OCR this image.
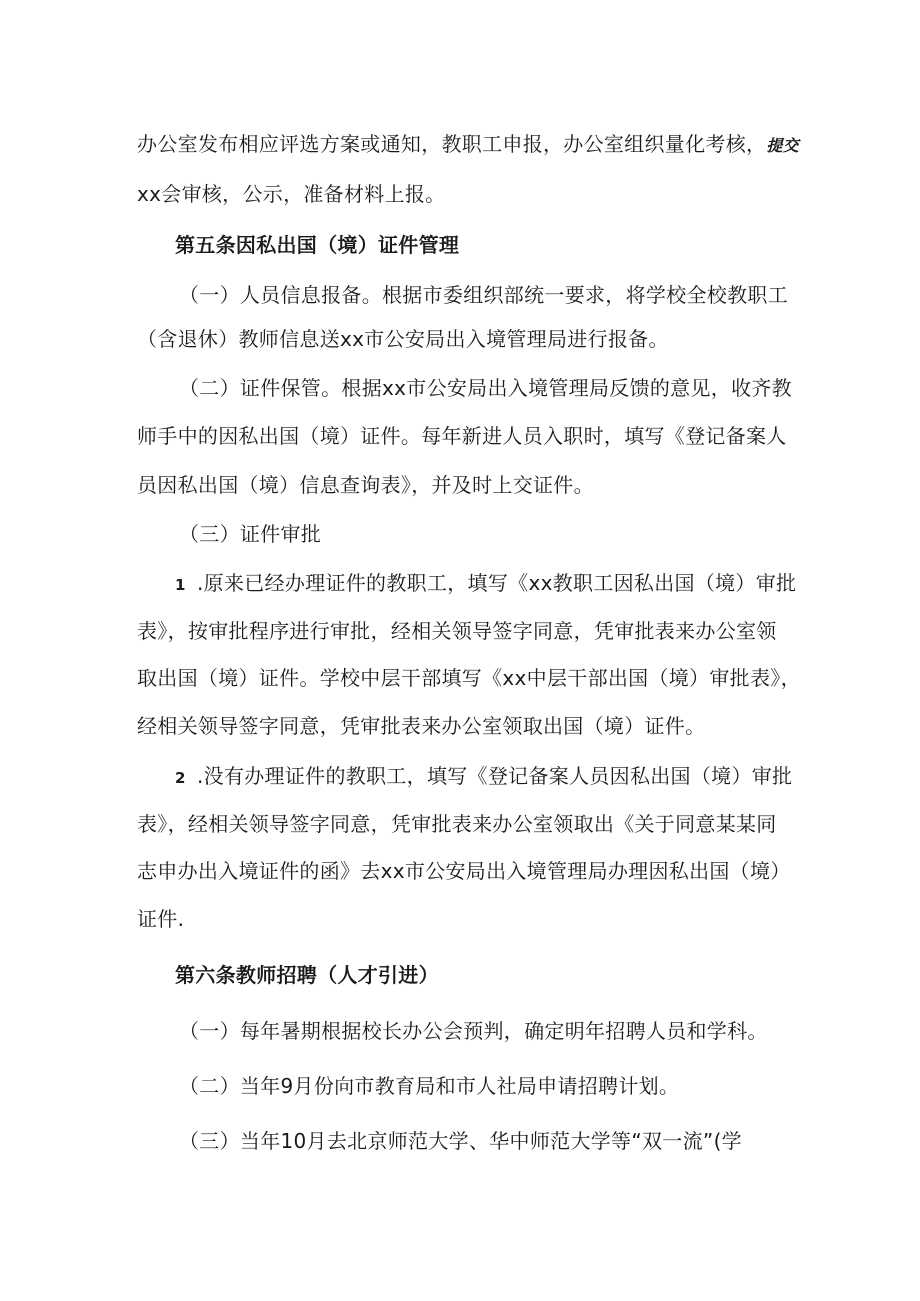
办公室发布相应评选方案或通知，教职工申报，办公室组织量化考核，提交
xx会审核，公示，准备材料上报。
第五条因私出国（境）证件管理
（一）人员信息报备。根据市委组织部统一要求，将学校全校教职工
（含退休）教师信息送xx市公安局出入境管理局进行报备。
（二）证件保管。根据xx市公安局出入境管理局反馈的意见，收齐教
师手中的因私出国（境）证件。每年新进人员入职时，填写《登记备案人
员因私出国（境）信息查询表》，并及时上交证件。
（三）证件审批
1 .原来已经办理证件的教职工，填写《xx教职工因私出国（境）审批
表》，按审批程序进行审批，经相关领导签字同意，凭审批表来办公室领
取出国（境）证件。学校中层干部填写《xx中层干部出国（境）审批表》，
经相关领导签字同意，凭审批表来办公室领取出国（境）证件。
2 .没有办理证件的教职工，填写《登记备案人员因私出国（境）审批
表》，经相关领导签字同意，凭审批表来办公室领取出《关于同意某某同
志申办出入境证件的函》去xx市公安局出入境管理局办理因私出国（境）
证件.
第六条教师招聘（人才引进）
（一）每年暑期根据校长办公会预判，确定明年招聘人员和学科。
（二）当年9月份向市教育局和市人社局申请招聘计划。
（三）当年10月去北京师范大学、华中师范大学等“双一流”(学
